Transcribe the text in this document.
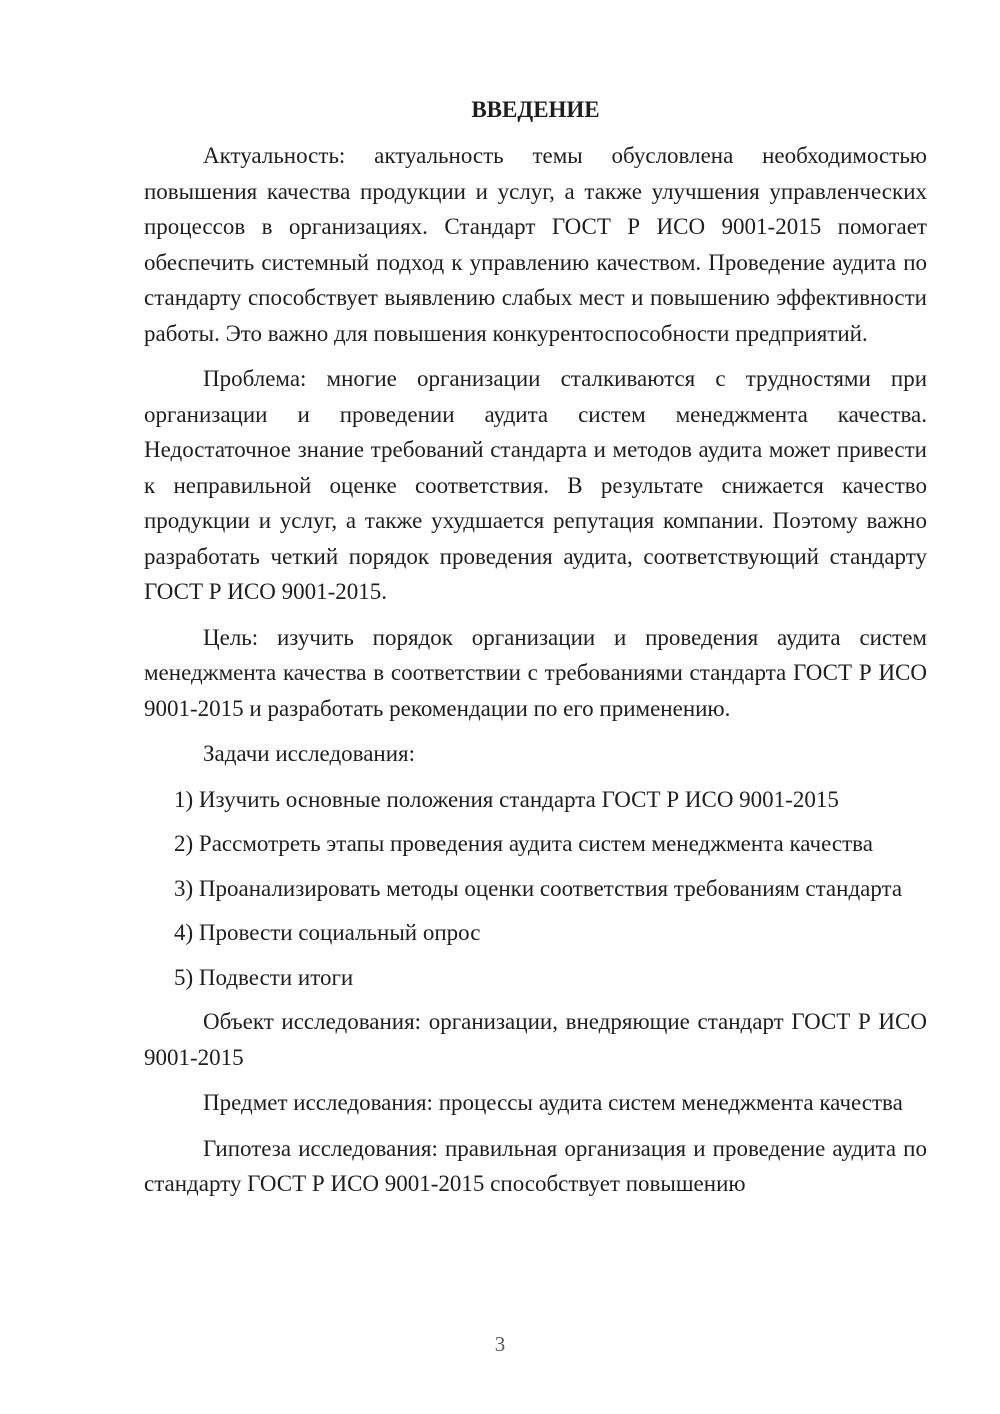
ВВЕДЕНИЕ

Актуальность: актуальность темы обусловлена необходимостью повышения качества продукции и услуг, а также улучшения управленческих процессов в организациях. Стандарт ГОСТ Р ИСО 9001-2015 помогает обеспечить системный подход к управлению качеством. Проведение аудита по стандарту способствует выявлению слабых мест и повышению эффективности работы. Это важно для повышения конкурентоспособности предприятий.

Проблема: многие организации сталкиваются с трудностями при организации и проведении аудита систем менеджмента качества. Недостаточное знание требований стандарта и методов аудита может привести к неправильной оценке соответствия. В результате снижается качество продукции и услуг, а также ухудшается репутация компании. Поэтому важно разработать четкий порядок проведения аудита, соответствующий стандарту ГОСТ Р ИСО 9001-2015.

Цель: изучить порядок организации и проведения аудита систем менеджмента качества в соответствии с требованиями стандарта ГОСТ Р ИСО 9001-2015 и разработать рекомендации по его применению.

Задачи исследования:

1) Изучить основные положения стандарта ГОСТ Р ИСО 9001-2015

2) Рассмотреть этапы проведения аудита систем менеджмента качества

3) Проанализировать методы оценки соответствия требованиям стандарта

4) Провести социальный опрос

5) Подвести итоги

Объект исследования: организации, внедряющие стандарт ГОСТ Р ИСО 9001-2015

Предмет исследования: процессы аудита систем менеджмента качества

Гипотеза исследования: правильная организация и проведение аудита по стандарту ГОСТ Р ИСО 9001-2015 способствует повышению

3
